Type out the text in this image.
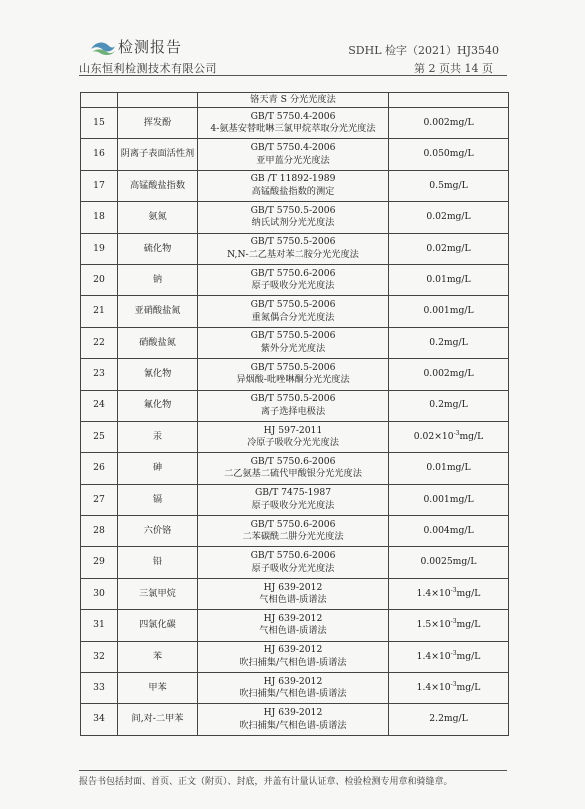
检测报告
山东恒利检测技术有限公司
SDHL 检字（2021）HJ3540
第 2 页共 14 页
		铬天青 S 分光光度法	
15	挥发酚	GB/T 5750.4-2006
4-氨基安替吡啉三氯甲烷萃取分光光度法	0.002mg/L
16	阴离子表面活性剂	GB/T 5750.4-2006
亚甲蓝分光光度法	0.050mg/L
17	高锰酸盐指数	GB /T 11892-1989
高锰酸盐指数的测定	0.5mg/L
18	氨氮	GB/T 5750.5-2006
纳氏试剂分光光度法	0.02mg/L
19	硫化物	GB/T 5750.5-2006
N,N-二乙基对苯二胺分光光度法	0.02mg/L
20	钠	GB/T 5750.6-2006
原子吸收分光光度法	0.01mg/L
21	亚硝酸盐氮	GB/T 5750.5-2006
重氮偶合分光光度法	0.001mg/L
22	硝酸盐氮	GB/T 5750.5-2006
紫外分光光度法	0.2mg/L
23	氰化物	GB/T 5750.5-2006
异烟酸-吡唑啉酮分光光度法	0.002mg/L
24	氟化物	GB/T 5750.5-2006
离子选择电极法	0.2mg/L
25	汞	HJ 597-2011
冷原子吸收分光光度法	$0.02\times 10^{-3}mg/L$
26	砷	GB/T 5750.6-2006
二乙氨基二硫代甲酸银分光光度法	0.01mg/L
27	镉	GB/T 7475-1987
原子吸收分光光度法	0.001mg/L
28	六价铬	GB/T 5750.6-2006
二苯碳酰二肼分光光度法	0.004mg/L
29	铅	GB/T 5750.6-2006
原子吸收分光光度法	0.0025mg/L
30	三氯甲烷	HJ 639-2012
气相色谱-质谱法	$1.4\times 10^{-3}mg/L$
31	四氯化碳	HJ 639-2012
气相色谱-质谱法	$1.5\times 10^{-3}mg/L$
32	苯	HJ 639-2012
吹扫捕集/气相色谱-质谱法	$1.4\times 10^{-3}mg/L$
33	甲苯	HJ 639-2012
吹扫捕集/气相色谱-质谱法	$1.4\times 10^{-3}mg/L$
34	间,对-二甲苯	HJ 639-2012
吹扫捕集/气相色谱-质谱法	2.2mg/L
报告书包括封面、首页、正文（附页）、封底，并盖有计量认证章、检验检测专用章和骑缝章。
